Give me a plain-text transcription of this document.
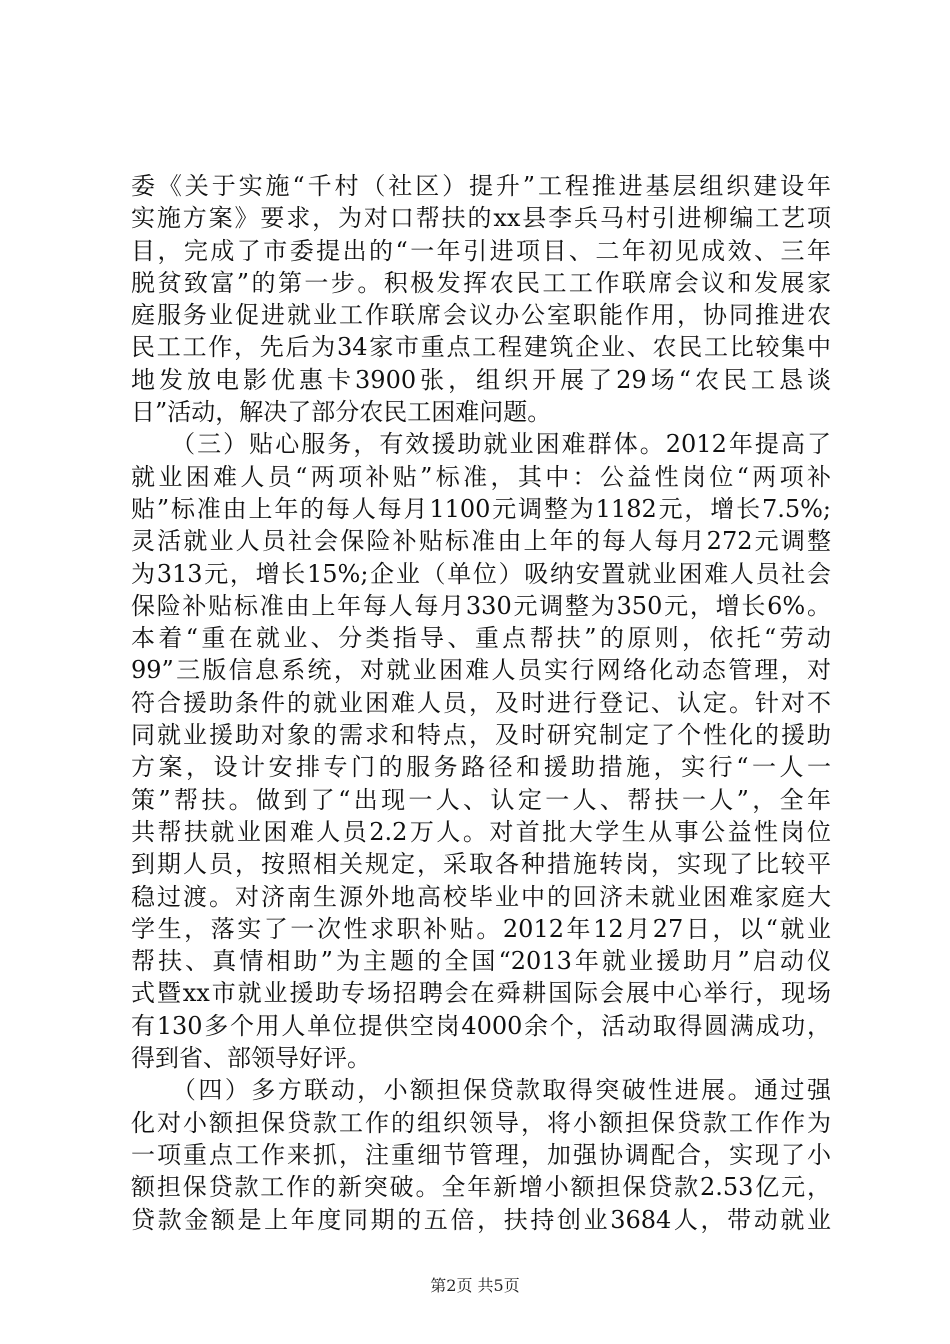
委《关于实施“千村（社区）提升”工程推进基层组织建设年
实施方案》要求，为对口帮扶的xx县李兵马村引进柳编工艺项
目，完成了市委提出的“一年引进项目、二年初见成效、三年
脱贫致富”的第一步。积极发挥农民工工作联席会议和发展家
庭服务业促进就业工作联席会议办公室职能作用，协同推进农
民工工作，先后为34家市重点工程建筑企业、农民工比较集中
地发放电影优惠卡3900张，组织开展了29场“农民工恳谈
日”活动，解决了部分农民工困难问题。
　　（三）贴心服务，有效援助就业困难群体。2012年提高了
就业困难人员“两项补贴”标准，其中：公益性岗位“两项补
贴”标准由上年的每人每月1100元调整为1182元，增长7.5%;
灵活就业人员社会保险补贴标准由上年的每人每月272元调整
为313元，增长15%;企业（单位）吸纳安置就业困难人员社会
保险补贴标准由上年每人每月330元调整为350元，增长6%。
本着“重在就业、分类指导、重点帮扶”的原则，依托“劳动
99”三版信息系统，对就业困难人员实行网络化动态管理，对
符合援助条件的就业困难人员，及时进行登记、认定。针对不
同就业援助对象的需求和特点，及时研究制定了个性化的援助
方案，设计安排专门的服务路径和援助措施，实行“一人一
策”帮扶。做到了“出现一人、认定一人、帮扶一人”，全年
共帮扶就业困难人员2.2万人。对首批大学生从事公益性岗位
到期人员，按照相关规定，采取各种措施转岗，实现了比较平
稳过渡。对济南生源外地高校毕业中的回济未就业困难家庭大
学生，落实了一次性求职补贴。2012年12月27日，以“就业
帮扶、真情相助”为主题的全国“2013年就业援助月”启动仪
式暨xx市就业援助专场招聘会在舜耕国际会展中心举行，现场
有130多个用人单位提供空岗4000余个，活动取得圆满成功，
得到省、部领导好评。
　　（四）多方联动，小额担保贷款取得突破性进展。通过强
化对小额担保贷款工作的组织领导，将小额担保贷款工作作为
一项重点工作来抓，注重细节管理，加强协调配合，实现了小
额担保贷款工作的新突破。全年新增小额担保贷款2.53亿元，
贷款金额是上年度同期的五倍，扶持创业3684人，带动就业
第2页 共5页
